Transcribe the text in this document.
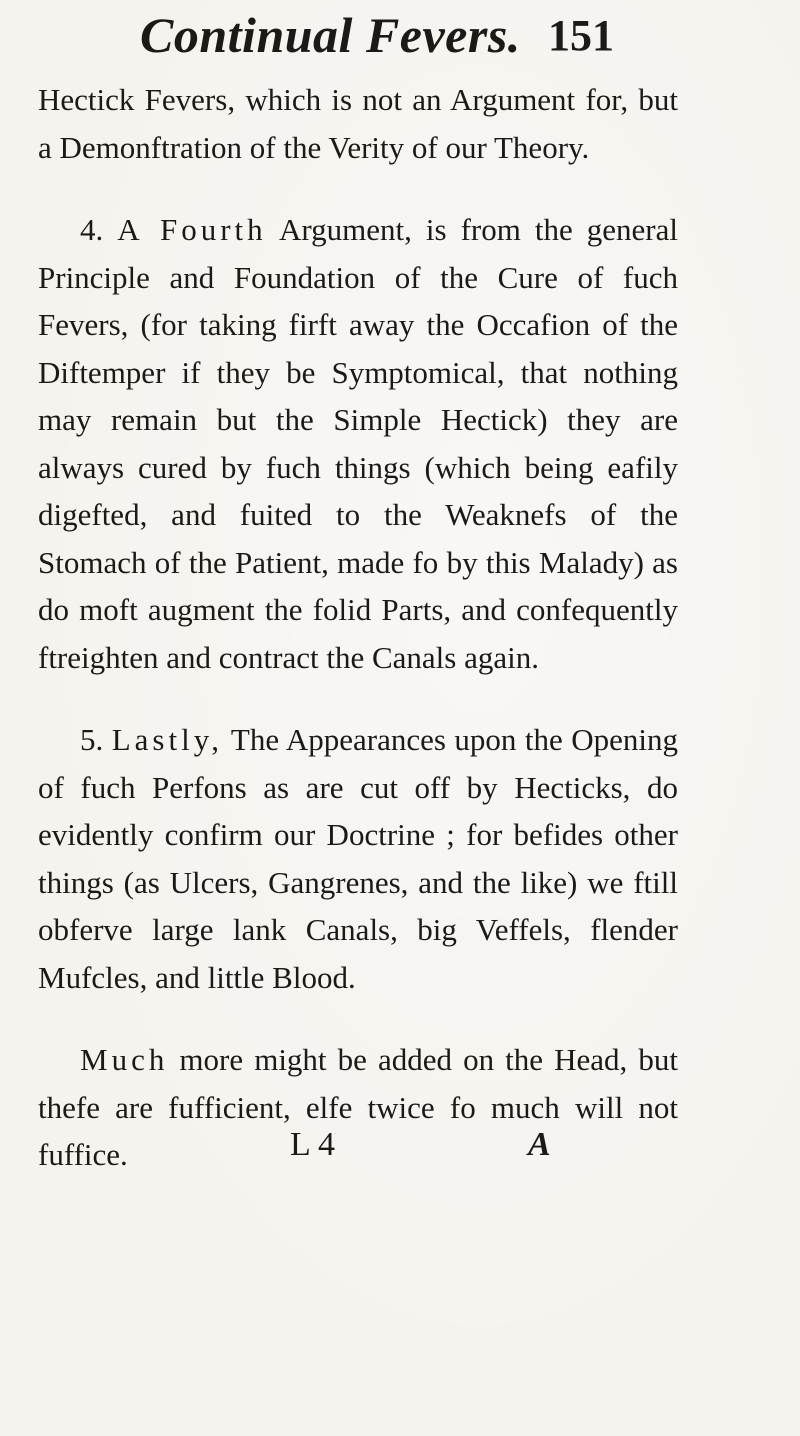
Continual Fevers. 151

Hectick Fevers, which is not an Argument for, but a Demonftration of the Verity of our Theory.

4. A Fourth Argument, is from the general Principle and Foundation of the Cure of fuch Fevers, (for taking firft away the Occafion of the Diftemper if they be Symptomical, that nothing may remain but the Simple Hectick) they are always cured by fuch things (which being eafily digefted, and fuited to the Weaknefs of the Stomach of the Patient, made fo by this Malady) as do moft augment the folid Parts, and confequently ftreighten and contract the Canals again.

5. Lastly, The Appearances upon the Opening of fuch Perfons as are cut off by Hecticks, do evidently confirm our Doctrine ; for befides other things (as Ulcers, Gangrenes, and the like) we ftill obferve large lank Canals, big Veffels, flender Mufcles, and little Blood.

Much more might be added on the Head, but thefe are fufficient, elfe twice fo much will not fuffice.	L 4	A
